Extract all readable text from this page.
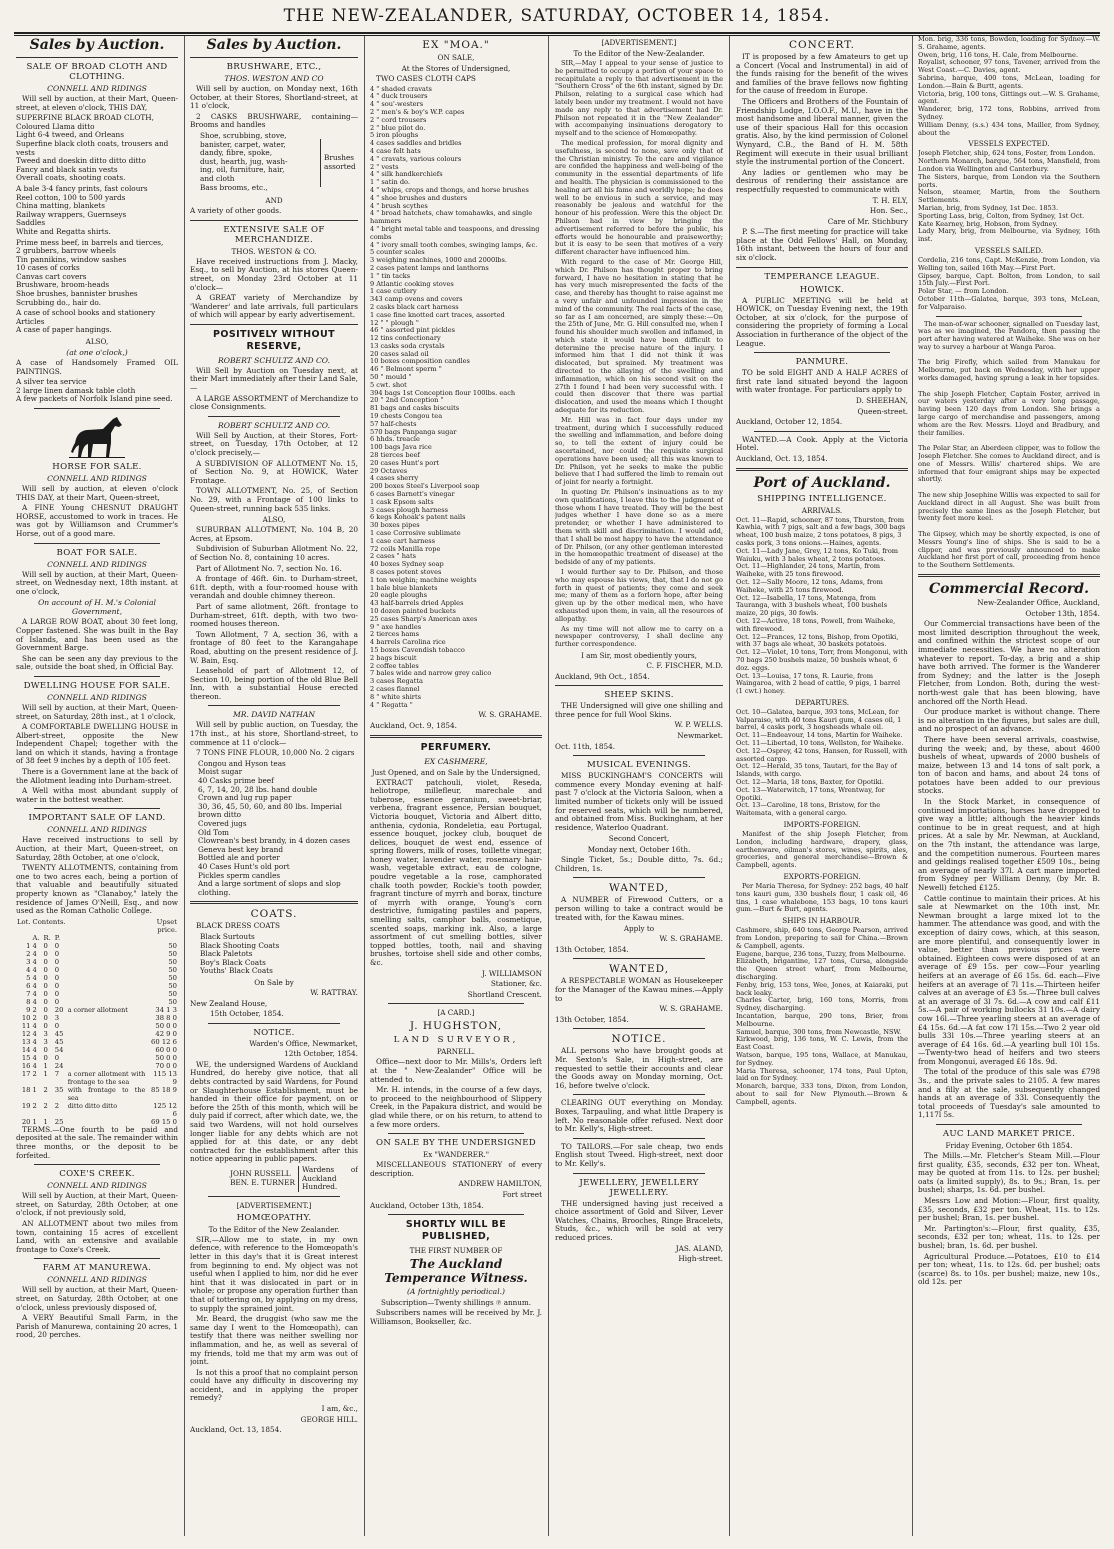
THE NEW-ZEALANDER, SATURDAY, OCTOBER 14, 1854.
Sales by Auction.
SALE OF BROAD CLOTH AND CLOTHING.
CONNELL AND RIDINGS

Will sell by auction, at their Mart, Queen-street, at eleven o'clock, THIS DAY,

SUPERFINE BLACK BROAD CLOTH, Coloured Llama ditto
Light 6-4 tweed, and Orleans
Superfine black cloth coats, trousers and vests
Tweed and doeskin ditto ditto ditto
Fancy and black satin vests
Overall coats, shooting coats.
A bale 3-4 fancy prints, fast colours
Reel cotton, 100 to 500 yards
China matting, blankets
Railway wrappers, Guernseys
Saddles
White and Regatta shirts.
Prime mess beef, in barrels and tierces,
2 grubbers, barrow wheels
Tin pannikins, window sashes
10 cases of corks
Canvas cart covers
Brushware, broom-heads
Shoe brushes, bannister brushes
Scrubbing do., hair do.
A case of school books and stationery Articles
A case of paper hangings.
ALSO,
(at one o'clock,)

A case of Handsomely Framed OIL PAINTINGS.

A silver tea service
2 large linen damask table cloth
A few packets of Norfolk Island pine seed.
HORSE FOR SALE.
CONNELL AND RIDINGS

Will sell by auction, at eleven o'clock THIS DAY, at their Mart, Queen-street,

A FINE Young CHESNUT DRAUGHT HORSE, accustomed to work in traces. He was got by Williamson and Crummer's Horse, out of a good mare.

BOAT FOR SALE.
CONNELL AND RIDINGS

Will sell by auction, at their Mart, Queen-street, on Wednesday next, 18th instant. at one o'clock,

On account of H. M.'s Colonial Government,

A LARGE ROW BOAT, about 30 feet long, Copper fastened. She was built in the Bay of Islands, and has been used as the Government Barge.

She can be seen any day previous to the sale, outside the boat shed, in Official Bay.

DWELLING HOUSE FOR SALE.
CONNELL AND RIDINGS

Will sell by auction, at their Mart, Queen-street, on Saturday, 28th inst., at 1 o'clock,

A COMFORTABLE DWELLING HOUSE in Albert-street, opposite the New Independent Chapel; together with the land on which it stands, having a frontage of 38 feet 9 inches by a depth of 105 feet.

There is a Government lane at the back of the Allotment leading into Durham-street.

A Well witha most abundant supply of water in the bottest weather.

IMPORTANT SALE OF LAND.
CONNELL AND RIDINGS

Have received instructions to sell by Auction, at their Mart, Queen-street, on Saturday, 28th October, at one o'clock,

TWENTY ALLOTMENTS, containing from one to two acres each, being a portion of that valuable and beautifully situated property known as "Clanaboy," lately the residence of James O'Neill, Esq., and now used as the Roman Catholic College.

Lot.	Contents.				Upset price.
	A.	R.	P.		
1	4	0	0		50
2	4	0	0		50
3	4	0	0		50
4	4	0	0		50
5	4	0	0		50
6	4	0	0		50
7	4	0	0		50
8	4	0	0		50
9	2	0	20	a corner allotment	34 1 3
10	2	0	3		38 8 0
11	4	0	0		50 0 0
12	4	3	45		42 9 0
13	4	3	45		60 12 6
14	4	0	54		60 0 0
15	4	0	0		50 0 0
16	4	1	24		70 0 0
17	2	1	7	a corner allotment with frontage to the sea	115 13 9
18	1	2	35	with frontage to the sea	85 18 9
19	2	2	2	ditto ditto ditto	125 12 6
20	1	1	25		69 15 0

TERMS.—One fourth to be paid and deposited at the sale. The remainder within three months, or the deposit to be forfeited.

COXE'S CREEK.
CONNELL AND RIDINGS

Will sell by Auction, at their Mart, Queen-street, on Saturday, 28th October, at one o'clock, if not previously sold,

AN ALLOTMENT about two miles from town, containing 15 acres of excellent Land, with an extensive and available frontage to Coxe's Creek.

FARM AT MANUREWA.
CONNELL AND RIDINGS

Will sell by auction, at their Mart, Queen-street, on Saturday, 28th October, at one o'clock, unless previously disposed of,

A VERY Beautiful Small Farm, in the Parish of Manurewa, containing 20 acres, 1 rood, 20 perches.

Sales by Auction.
BRUSHWARE, ETC.,
THOS. WESTON AND CO

Will sell by auction, on Monday next, 16th October, at their Stores, Shortland-street, at 11 o'clock,

2 CASKS BRUSHWARE, containing— Brooms and handles

Shoe, scrubbing, stove,
banister, carpet, water,
dandy, fibre, spoke,
dust, hearth, jug, wash-
ing, oil, furniture, hair,
and cloth
Bass brooms, etc.,
Brushes assorted
AND

A variety of other goods.

EXTENSIVE SALE OF MERCHANDIZE.
THOS. WESTON & CO.

Have received instructions from J. Macky, Esq., to sell by Auction, at his stores Queen-street, on Monday 23rd October at 11 o'clock—

A GREAT variety of Merchandize by 'Wanderer' and late arrivals, full particulars of which will appear by early advertisement.

POSITIVELY WITHOUT RESERVE,
ROBERT SCHULTZ AND CO.

Will Sell by Auction on Tuesday next, at their Mart immediately after their Land Sale,—

A LARGE ASSORTMENT of Merchandize to close Consignments.

ROBERT SCHULTZ AND CO.

Will Sell by Auction, at their Stores, Fort-street, on Tuesday, 17th October, at 12 o'clock precisely,—

A SUBDIVISION OF ALLOTMENT No. 15, of Section No. 9, at HOWICK, Water Frontage.

TOWN ALLOTMENT, No. 25, of Section No. 29, with a Frontage of 100 links to Queen-street, running back 535 links.

ALSO,

SUBURBAN ALLOTMENT, No. 104 B, 20 Acres, at Epsom.

Subdivision of Suburban Allotment No. 22, of Section No. 8, containing 10 acres.

Part of Allotment No. 7, section No. 16.

A frontage of 46ft. 6in. to Durham-street, 61ft. depth, with a four-roomed house with verandah and double chimney thereon.

Part of same allotment, 26ft. frontage to Durham-street, 61ft. depth, with two two-roomed houses thereon.

Town Allotment, 7 A, section 36, with a frontage of 80 feet to the Karangahape Road, abutting on the present residence of J. W. Bain, Esq.

Leasehold of part of Allotment 12, of Section 10, being portion of the old Blue Bell Inn, with a substantial House erected thereon.

MR. DAVID NATHAN

Will sell by public auction, on Tuesday, the 17th inst., at his store, Shortland-street, to commence at 11 o'clock—

7 TONS FINE FLOUR, 10,000 No. 2 cigars

Congou and Hyson teas
Moist sugar
40 Casks prime beef
6, 7, 14, 20, 28 lbs. hand double
Crown and lug rup paper
30, 36, 45, 50, 60, and 80 lbs. Imperial brown ditto
Covered jugs
Old Tom
Clowrean's best brandy, in 4 dozen cases
Geneva best key brand
Bottled ale and porter
40 Cases Hunt's old port
Pickles sperm candles
And a large sortment of slops and slop clothing.
COATS.

BLACK DRESS COATS

Black Surtouts
Black Shooting Coats
Black Paletots
Boy's Black Coats
Youths' Black Coats
On Sale by
W. RATTRAY.
New Zealand House,
15th October, 1854.
NOTICE.
Warden's Office, Newmarket,
12th October, 1854.

WE, the undersigned Wardens of Auckland Hundred, do hereby give notice, that all debts contracted by said Wardens, for Pound or Slaughterhouse Establishment, must be handed in their office for payment, on or before the 25th of this month, which will be duly paid if correct, after which date, we, the said two Wardens, will not hold ourselves longer liable for any debts which are not applied for at this date, or any debt contracted for the establishment after this notice appearing in public papers.

JOHN RUSSELL
BEN. E. TURNER
Wardens of Auckland Hundred.
[ADVERTISEMENT.]
HOMŒOPATHY.
To the Editor of the New Zealander.

SIR,—Allow me to state, in my own defence, with reference to the Homœopath's letter in this day's that it is Great interest from beginning to end. My object was not useful when I applied to him, nor did he ever hint that it was dislocated in part or in whole; or propose any operation further than that of tottering on, by applying on my dress, to supply the sprained joint.

Mr. Beard, the druggist (who saw me the same day I went to the Homœopath), can testify that there was neither swelling nor inflammation, and he, as well as several of my friends, told me that my arm was out of joint.

Is not this a proof that no complaint person could have any difficulty in discovering my accident, and in applying the proper remedy?

I am, &c.,
GEORGE HILL.
Auckland, Oct. 13, 1854.
EX "MOA."
ON SALE,
At the Stores of Undersigned,

TWO CASES CLOTH CAPS

4 " shaded cravats
4 " duck trousers
4 " sou'-westers
2 " men's & boy's W.P. capes
2 " cord trousers
2 " blue pilot do.
5 iron ploughs
4 cases saddles and bridles
4 case felt hats
4 " cravats, various colours
2 " vests
4 " silk handkerchiefs
1 " satin do.
4 " whips, crops and thongs, and horse brushes
4 " shoe brushes and dusters
4 " brush scythes
4 " broad hatchets, chaw tomahawks, and single hammers
4 " bright metal table and teaspoons, and dressing combs
4 " ivory small tooth combes, swinging lamps, &c.
5 counter scales
3 weighing machines, 1000 and 2000lbs.
2 cases patent lamps and lanthorns
1 " tin tacks
9 Atlantic cooking stoves
1 case cutlery
343 camp ovens and covers
2 casks black cart harness
1 case fine knotted cart traces, assorted
12 " " plough "
46 " assorted pint pickles
12 tins confectionary
13 casks soda crystals
20 cases salad oil
10 boxes composition candles
46 " Belmont sperm "
50 " mould "
5 cwt. shot
394 bags 1st Conception flour 100lbs. each
20 " 2nd Conception "
81 bags and casks biscuits
19 chests Congou tea
57 half-chests
570 bags Panpanga sugar
6 hhds. treacle
100 bags Java rice
28 tierces beef
20 cases Hunt's port
29 Octaves
4 cases sherry
200 boxes Steel's Liverpool soap
6 cases Barnett's vinegar
1 cask Epsom salts
3 cases plough harness
6 kegs Kohoak's patent nails
30 boxes pipes
1 case Corrosive sublimate
1 case cart harness
72 coils Manilla rope
2 cases " hats
40 boxes Sydney soap
8 cases potent stoves
1 ton weighin; machine weights
1 bale blue blankets
20 eagle ploughs
43 half-barrels dried Apples
10 dozen painted buckets
25 cases Sharp's American axes
9 " axe handles
2 tierces hams
4 barrels Carolina rice
15 boxes Cavendish tobacco
2 bags biscuit
2 coffee tables
7 bales wide and narrow grey calico
3 cases Regatta
2 cases flannel
8 " white shirts
4 " Regatta "
W. S. GRAHAME.
Auckland, Oct. 9, 1854.
PERFUMERY.
EX CASHMERE,
Just Opened, and on Sale by the Undersigned,

EXTRACT patchouli, violet, Reseda, heliotrope, millefleur, marechale and tuberose, essence geranium, sweet-briar, verbena, fragrant essence, Persian bouquet, Victoria bouquet, Victoria and Albert ditto, anthenia, cydonia, Rondeletia, eau Portugal, essence bouquet, jockey club, bouquet de delices, bouquet de west end, essence of spring flowers, milk of roses, toillette vinegar, honey water, lavender water, rosemary hair-wash, vegetable extract, eau de cologne, poudre vegetable a la rose, camphorated chalk tooth powder, Rockie's tooth powder, fragrant tincture of myrrh and borax, tincture of myrrh with orange, Young's corn destrictive, fumigating pastiles and papers, smelling salts, camphor balls, cosmetique, scented soaps, marking ink. Also, a large assortment of cut smelling bottles, silver topped bottles, tooth, nail and shaving brushes, tortoise shell side and other combs, &c.

J. WILLIAMSON
Stationer, &c.
Shortland Crescent.
[A CARD.]
J. HUGHSTON,
LAND SURVEYOR,
PARNELL.

Office—next door to Mr. Mills's, Orders left at the " New-Zealander" Office will be attended to.

Mr. H. intends, in the course of a few days, to proceed to the neighbourhood of Slippery Creek, in the Papakura district, and would be glad while there, or on his return, to attend to a few more orders.

ON SALE BY THE UNDERSIGNED
Ex "WANDERER."

MISCELLANEOUS STATIONERY of every description.

ANDREW HAMILTON,
Fort street
Auckland, October 13th, 1854.
SHORTLY WILL BE PUBLISHED,
THE FIRST NUMBER OF
The Auckland Temperance Witness.
(A fortnightly periodical.)
Subscription—Twenty shillings ℗ annum.

Subscribers names will be received by Mr. J. Williamson, Bookseller, &c.

[ADVERTISEMENT.]
To the Editor of the New-Zealander.

SIR,—May I appeal to your sense of justice to be permitted to occupy a portion of your space to recapitulate a reply to that advertisement in the "Southern Cross" of the 6th instant, signed by Dr. Philson, relating to a surgical case which had lately been under my treatment. I would not have made any reply to that advertisement had Dr. Philson not repeated it in the "New Zealander" with accompanying insinuations derogatory to myself and to the science of Homœopathy.

The medical profession, for moral dignity and usefulness, is second to none, save only that of the Christian ministry. To the care and vigilance are confided the happiness and well-being of the community in the essential departments of life and health. The physician is commissioned to the healing art all his fame and worldly hope; he does well to be envious in such a service, and may reasonably be jealous and watchful for the honour of his profession. Were this the object Dr. Philson had in view by bringing the advertisement referred to before the public, his efforts would be honourable and praiseworthy; but it is easy to be seen that motives of a very different character have influenced him.

With regard to the case of Mr. George Hill, which Dr. Philson has thought proper to bring forward, I have no hesitation in stating that he has very much misrepresented the facts of the case, and thereby has thought to raise against me a very unfair and unfounded impression in the mind of the community. The real facts of the case, so far as I am concerned, are simply these:—On the 25th of June, Mr. G. Hill consulted me, when I found his shoulder much swollen and inflamed, in which state it would have been difficult to determine the precise nature of the injury. I informed him that I did not think it was dislocated, but sprained. My treatment was directed to the allaying of the swelling and inflammation, which on his second visit on the 27th I found I had been very successful with. I could then discover that there was partial dislocation, and used the means which I thought adequate for its reduction.

Mr. Hill was in fact four days under my treatment, during which I successfully reduced the swelling and inflammation, and before doing so, to tell the extent of injury could be ascertained, nor could the requisite surgical operations have been used; all this was known to Dr. Philson, yet he seeks to make the public believe that I had suffered the limb to remain out of joint for nearly a fortnight.

In quoting Dr. Philson's insinuations as to my own qualifications, I leave this to the judgment of those whom I have treated. They will be the best judges whether I have done so as a mere pretender, or whether I have administered to them with skill and discrimination. I would add, that I shall be most happy to have the attendance of Dr. Philson, (or any other gentleman interested in the homœopathic treatment of disease) at the bedside of any of my patients.

I would further say to Dr. Philson, and those who may espouse his views, that, that I do not go forth in quest of patients; they come and seek me; many of them as a forlorn hope, after being given up by the other medical men, who have exhausted upon them, in vain, all the resources of allopathy.

As my time will not allow me to carry on a newspaper controversy, I shall decline any further correspondence.

I am Sir, most obediently yours,
C. F. FISCHER, M.D.
Auckland, 9th Oct., 1854.
SHEEP SKINS.

THE Undersigned will give one shilling and three pence for full Wool Skins.

W. P. WELLS.
Newmarket.
Oct. 11th, 1854.
MUSICAL EVENINGS.

MISS BUCKINGHAM'S CONCERTS will commence every Monday evening at half-past 7 o'clock at the Victoria Saloon, when a limited number of tickets only will be issued for reserved seats, which will be numbered, and obtained from Miss. Buckingham, at her residence, Waterloo Quadrant.

Second Concert,
Monday next, October 16th.

Single Ticket, 5s.; Double ditto, 7s. 6d.; Children, 1s.

WANTED,

A NUMBER of Firewood Cutters, or a person willing to take a contract would be treated with, for the Kawau mines.

Apply to
W. S. GRAHAME.
13th October, 1854.
WANTED,

A RESPECTABLE WOMAN as Housekeeper for the Manager of the Kawau mines.—Apply to

W. S. GRAHAME.
13th October, 1854.
NOTICE.

ALL persons who have brought goods at Mr. Sexton's Sale, in High-street, are requested to settle their accounts and clear the Goods away on Monday morning, Oct. 16, before twelve o'clock.

CLEARING OUT everything on Monday. Boxes, Tarpauling, and what little Drapery is left. No reasonable offer refused. Next door to Mr. Kelly's, High-street.

TO TAILORS.—For sale cheap, two ends English stout Tweed. High-street, next door to Mr. Kelly's.

JEWELLERY, JEWELLERY JEWELLERY.

THE undersigned having just received a choice assortment of Gold and Silver, Lever Watches, Chains, Brooches, Ringe Bracelets, Studs, &c., which will be sold at very reduced prices.

JAS. ALAND,
High-street.
CONCERT.

IT is proposed by a few Amateurs to get up a Concert (Vocal and Instrumental) in aid of the funds raising for the benefit of the wives and families of the brave fellows now fighting for the cause of freedom in Europe.

The Officers and Brothers of the Fountain of Friendship Lodge, I.O.O.F., M.U., have in the most handsome and liberal manner, given the use of their spacious Hall for this occasion gratis. Also, by the kind permission of Colonel Wynyard, C.B., the Band of H. M. 58th Regiment will execute in their usual brilliant style the instrumental portion of the Concert.

Any ladies or gentlemen who may be desirous of rendering their assistance are respectfully requested to communicate with

T. H. ELY,
Hon. Sec.,
Care of Mr. Stichbury

P. S.—The first meeting for practice will take place at the Odd Fellows' Hall, on Monday, 16th instant, between the hours of four and six o'clock.

TEMPERANCE LEAGUE.
HOWICK.

A PUBLIC MEETING will be held at HOWICK, on Tuesday Evening next, the 19th October, at six o'clock, for the purpose of considering the propriety of forming a Local Association in furtherance of the object of the League.

PANMURE.

TO be sold EIGHT AND A HALF ACRES of first rate land situated beyond the lagoon with water frontage. For particulars apply to

D. SHEEHAN,
Queen-street.
Auckland, October 12, 1854.

WANTED.—A Cook. Apply at the Victoria Hotel.

Auckland, Oct. 13, 1854.
Port of Auckland.
SHIPPING INTELLIGENCE.
ARRIVALS.
Oct. 11—Rapid, schooner, 87 tons, Thurston, from Kawhia, with 7 pigs, salt and a few bags, 300 bags wheat, 100 bush maize, 2 tons potatoes, 8 pigs, 3 casks pork, 3 tons onions.—Haines, agents.
Oct. 11—Lady Jane, Grey, 12 tons, Ko Tuki, from Waiuku, with 3 bales wheat, 2 tons potatoes.
Oct. 11—Highlander, 24 tons, Martin, from Waiheke, with 25 tons firewood.
Oct. 12—Sally Moore, 12 tons, Adams, from Waiheke, with 25 tons firewood.
Oct. 12—Isabella, 17 tons, Matenga, from Tauranga, with 3 bushels wheat, 100 bushels maize, 20 pigs, 30 fowls.
Oct. 12—Active, 18 tons, Powell, from Waiheke, with firewood.
Oct. 12—Frances, 12 tons, Bishop, from Opotiki, with 37 bags ale wheat, 30 baskets potatoes.
Oct. 12—Violet, 10 tons, Torr, from Mongonui, with 70 bags 250 bushels maize, 50 bushels wheat, 6 doz. eggs.
Oct. 13—Louisa, 17 tons, R. Laurie, from Waingaroa, with 2 head of cattle, 9 pigs, 1 barrel (1 cwt.) honey.
DEPARTURES.
Oct. 10—Galatea, barque, 393 tons, McLean, for Valparaiso, with 40 tons Kauri gum, 4 cases oil, 1 barrel, 4 casks pork, 3 hogsheads whale oil.
Oct. 11—Endeavour, 14 tons, Martin for Waiheke.
Oct. 11—Libertad, 10 tons, Wellston, for Waiheke.
Oct. 12—Osprey, 42 tons, Hansen, for Russell, with assorted cargo.
Oct. 12—Herald, 35 tons, Tautari, for the Bay of Islands, with cargo.
Oct. 12—Maria, 18 tons, Baxter, for Opotiki.
Oct. 13—Waterwitch, 17 tons, Wrentway, for Opotiki.
Oct. 13—Caroline, 18 tons, Bristow, for the Waitemata, with a general cargo.
IMPORTS-FOREIGN.

Manifest of the ship Joseph Fletcher, from London, including hardware, drapery, glass, earthenware, oilman's stores, wines, spirits, ales, groceries, and general merchandise—Brown & Campbell, agents.

EXPORTS-FOREIGN.

Per Maria Theresa, for Sydney: 252 bags, 40 half tons kauri gum, 330 bushels flour, 1 cask oil, 46 tins, 1 case whalebone, 153 bags, 10 tons kauri gum.—Burt & Burt, agents.

SHIPS IN HARBOUR.

Cashmere, ship, 640 tons, George Pearson, arrived from London, preparing to sail for China.—Brown & Campbell, agents.
Eugene, barque, 236 tons, Tuzzy, from Melbourne.
Elizabeth, brigantine, 127 tons, Cursa, alongside the Queen street wharf, from Melbourne, discharging.
Fenby, brig, 153 tons, Wee, Jones, at Kaiaraki, put back leaky.
Charles Carter, brig, 160 tons, Morris, from Sydney, discharging.
Incantation, barque, 290 tons, Brier, from Melbourne.
Samuel, barque, 300 tons, from Newcastle, NSW.
Kirkwood, brig, 136 tons, W. C. Lewis, from the East Coast.
Watson, barque, 195 tons, Wallace, at Manukau, for Sydney.
Maria Theresa, schooner, 174 tons, Paul Upton, laid on for Sydney.
Monarch, barque, 333 tons, Dixon, from London, about to sail for New Plymouth.—Brown & Campbell, agents.

Mon. brig, 336 tons, Bowden, loading for Sydney.—W. S. Grahame, agents.
Owen, brig, 116 tons, H. Cale, from Melbourne.
Royalist, schooner, 97 tons, Tavener, arrived from the West Coast.—C. Davies, agent.
Sabrina, barque, 400 tons, McLean, loading for London.—Bain & Burtt, agents.
Victoria, brig, 100 tons, Gittings out.—W. S. Grahame, agent.
Wanderer, brig, 172 tons, Robbins, arrived from Sydney.
William Denny, (s.s.) 434 tons, Mailler, from Sydney, about the

VESSELS EXPECTED.

Joseph Fletcher, ship, 624 tons, Foster, from London.
Northern Monarch, barque, 564 tons, Mansfield, from London via Wellington and Canterbury.
The Sisters, barque, from London via the Southern ports.
Nelson, steamer, Martin, from the Southern Settlements.
Marian, brig, from Sydney, 1st Dec. 1853.
Sporting Lass, brig, Colton, from Sydney, 1st Oct.
Kate Kearney, brig, Hobson, from Sydney.
Lady Mary, brig, from Melbourne, via Sydney, 16th inst.

VESSELS SAILED.

Cordelia, 216 tons, Capt. McKenzie, from London, via Welling ton, sailed 16th May.—First Port.
Gipsey, barque, Capt. Bolton, from London, to sail 15th July.—First Port.
Polar Star, — from London.
October 11th—Galatea, barque, 393 tons, McLean, for Valparaiso.

The man-of-war schooner, signalled on Tuesday last, was as we imagined, the Pandora, then passing the port after having watered at Waiheke. She was on her way to survey a harbour at Wanga Paroa.

The brig Firefly, which sailed from Manukau for Melbourne, put back on Wednesday, with her upper works damaged, having sprung a leak in her topsides.

The ship Joseph Fletcher, Captain Foster, arrived in our waters yesterday after a very long passage, having been 120 days from London. She brings a large cargo of merchandise and passengers, among whom are the Rev. Messrs. Lloyd and Bradbury, and their families.

The Polar Star, an Aberdeen clipper, was to follow the Joseph Fletcher. She comes to Auckland direct, and is one of Messrs. Willis' chartered ships. We are informed that four emigrant ships may be expected shortly.

The new ship Josephine Willis was expected to sail for Auckland direct in all August. She was built from precisely the same lines as the Joseph Fletcher, but twenty feet more keel.

The Gipsey, which may be shortly expected, is one of Messrs Young's line of ships. She is said to be a clipper, and was previously announced to make Auckland her first port of call, proceeding from hence to the Southern Settlements.

Commercial Record.
New-Zealander Office, Auckland,
October 13th, 1854.

Our Commercial transactions have been of the most limited description throughout the week, and confined within the strictest scope of our immediate necessities. We have no alteration whatever to report. To-day, a brig and a ship have both arrived. The former is the Wanderer from Sydney; and the latter is the Joseph Fletcher, from London. Both, during the west-north-west gale that has been blowing, have anchored off the North Head.

Our produce market is without change. There is no alteration in the figures, but sales are dull, and no prospect of an advance.

There have been several arrivals, coastwise, during the week; and, by these, about 4600 bushels of wheat, upwards of 2000 bushels of maize, between 13 and 14 tons of salt pork, a ton of bacon and hams, and about 24 tons of potatoes have been added to our previous stocks.

In the Stock Market, in consequence of continued importations, horses have dropped to give way a little; although the heavier kinds continue to be in great request, and at high prices. At a sale by Mr. Newman, at Auckland, on the 7th instant, the attendance was large, and the competition numerous. Fourteen mares and geldings realised together £509 10s., being an average of nearly 37l. A cart mare imported from Sydney per William Denny, (by Mr. B. Newell) fetched £125.

Cattle continue to maintain their prices. At his sale at Newmarket on the 10th inst, Mr. Newman brought a large mixed lot to the hammer. The attendance was good, and with the exception of dairy cows, which, at this season, are more plentiful, and consequently lower in value, better than previous prices were obtained. Eighteen cows were disposed of at an average of £9 15s. per cow—Four yearling heifers at an average of £6 15s. 6d. each—Five heifers at an average of 7l 11s.—Thirteen heifer calves at an average of £3 5s.—Three bull calves at an average of 3l 7s. 6d.—A cow and calf £11 5s.—A pair of working bullocks 31 10s.—A dairy cow 16l.—Three yearling steers at an average of £4 15s. 6d.—A fat cow 17l 15s.—Two 2 year old bulls 33l 10s.—Three yearling steers at an average of £4 16s. 6d.—A yearling bull 10l 15s.—Twenty-two head of heifers and two steers from Mongonui, averaged £6 18s. 9d.

The total of the produce of this sale was £798 3s., and the private sales to 2105. A few mares and a filly at the sale, subsequently changed hands at an average of 33l. Consequently the total proceeds of Tuesday's sale amounted to 1,117l 5s.

AUC LAND MARKET PRICE.
Friday Evening, October 6th 1854.

The Mills.—Mr. Fletcher's Steam Mill.—Flour first quality, £35, seconds, £32 per ton. Wheat, may be quoted at from 11s. to 12s. per bushel; oats (a limited supply), 8s. to 9s.; Bran, 1s. per bushel; sharps, 1s. 6d. per bushel.

Messrs Low and Motion:—Flour, first quality, £35, seconds, £32 per ton. Wheat, 11s. to 12s. per bushel; Bran, 1s. per bushel.

Mr. Partington's:—Flour, first quality, £35, seconds, £32 per ton; wheat, 11s. to 12s. per bushel; bran, 1s. 6d. per bushel.

Agricultural Produce.—Potatoes, £10 to £14 per ton; wheat, 11s. to 12s. 6d. per bushel; oats (scarce) 8s. to 10s. per bushel; maize, new 10s., old 12s. per
